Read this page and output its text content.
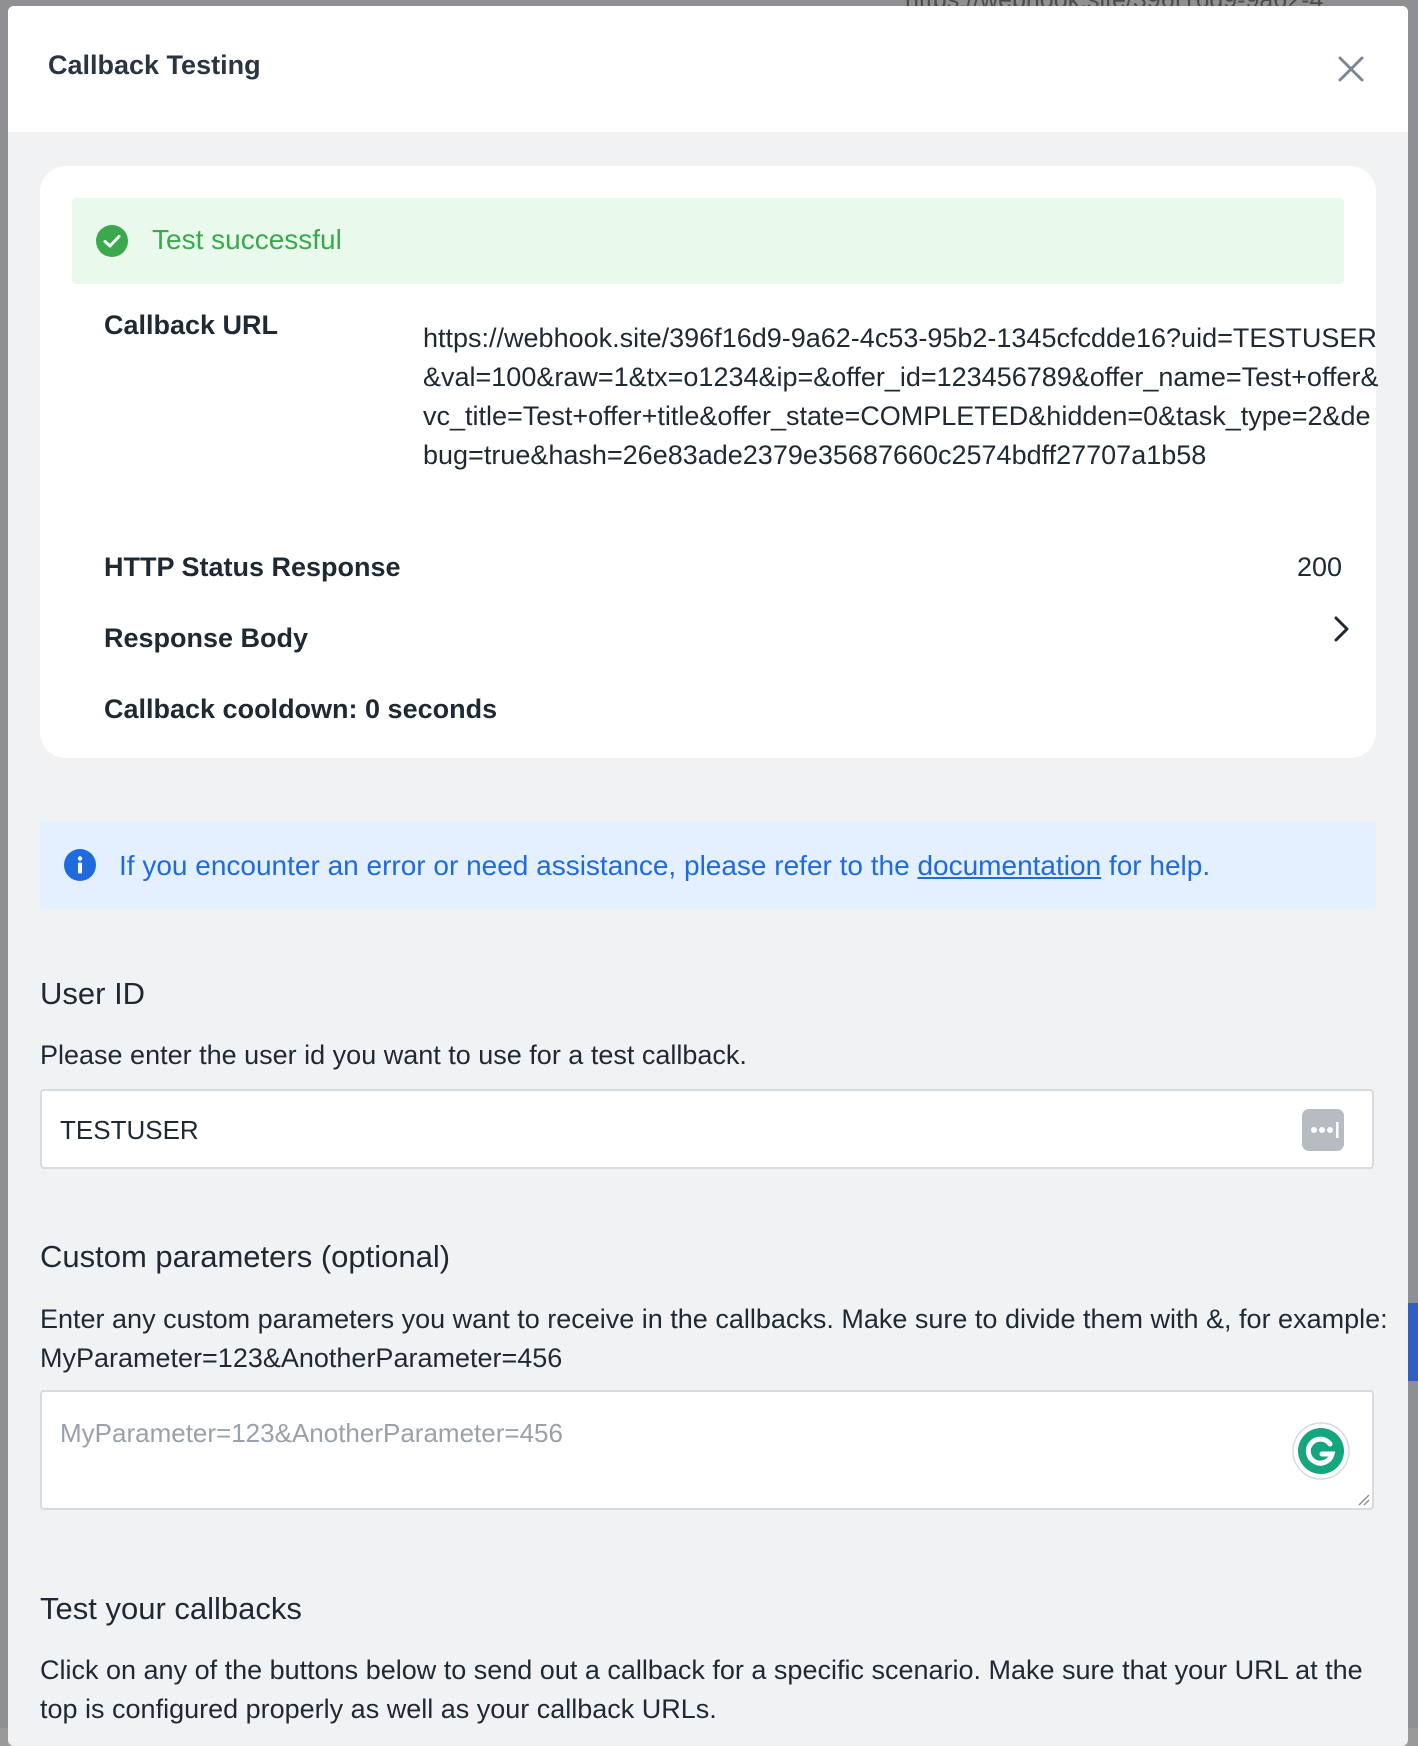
Callback Testing
Test successful
Callback URL	https://webhook.site/396f16d9-9a62-4c53-95b2-1345cfcdde16?uid=TESTUSER&val=100&raw=1&tx=o1234&ip=&offer_id=123456789&offer_name=Test+offer&vc_title=Test+offer+title&offer_state=COMPLETED&hidden=0&task_type=2&debug=true&hash=26e83ade2379e35687660c2574bdff27707a1b58
HTTP Status Response	200
Response Body
Callback cooldown: 0 seconds
If you encounter an error or need assistance, please refer to the documentation for help.
User ID
Please enter the user id you want to use for a test callback.
TESTUSER
Custom parameters (optional)
Enter any custom parameters you want to receive in the callbacks. Make sure to divide them with &, for example: MyParameter=123&AnotherParameter=456
MyParameter=123&AnotherParameter=456
Test your callbacks
Click on any of the buttons below to send out a callback for a specific scenario. Make sure that your URL at the top is configured properly as well as your callback URLs.
